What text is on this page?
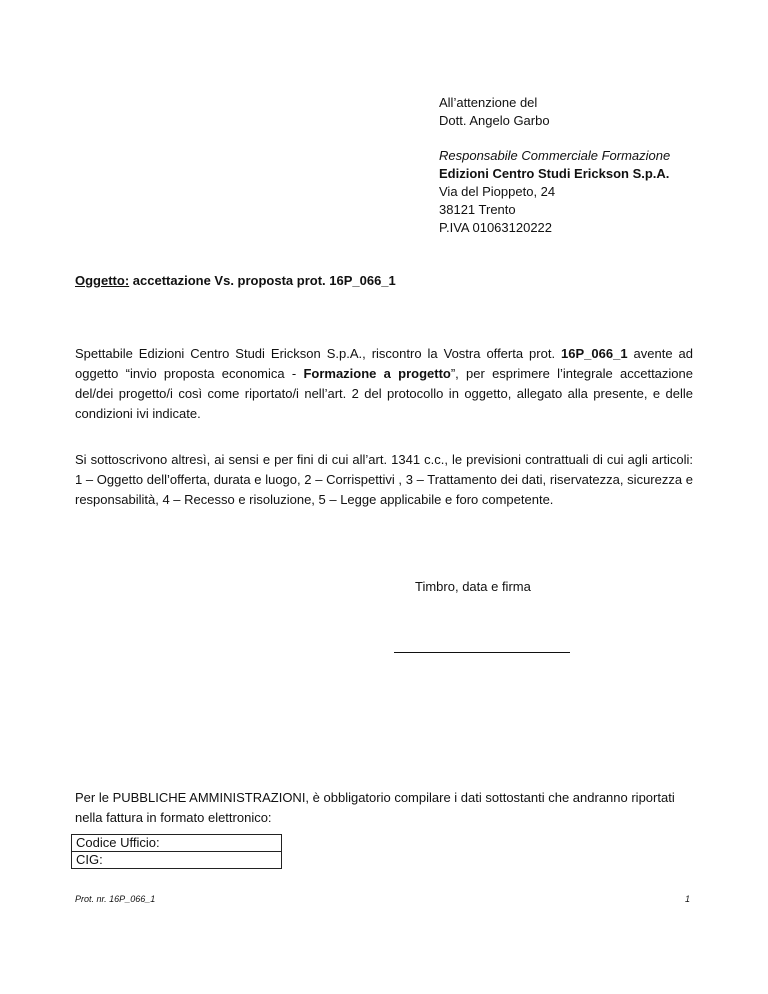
All’attenzione del
Dott. Angelo Garbo
Responsabile Commerciale Formazione
Edizioni Centro Studi Erickson S.p.A.
Via del Pioppeto, 24
38121 Trento
P.IVA 01063120222
Oggetto: accettazione Vs. proposta prot. 16P_066_1
Spettabile Edizioni Centro Studi Erickson S.p.A., riscontro la Vostra offerta prot. 16P_066_1 avente ad oggetto “invio proposta economica - Formazione a progetto”, per esprimere l’integrale accettazione del/dei progetto/i così come riportato/i nell’art. 2 del protocollo in oggetto, allegato alla presente, e delle condizioni ivi indicate.
Si sottoscrivono altresì, ai sensi e per fini di cui all’art. 1341 c.c., le previsioni contrattuali di cui agli articoli: 1 – Oggetto dell’offerta, durata e luogo, 2 – Corrispettivi , 3 – Trattamento dei dati, riservatezza, sicurezza e responsabilità, 4 – Recesso e risoluzione, 5 – Legge applicabile e foro competente.
Timbro, data e firma
Per le PUBBLICHE AMMINISTRAZIONI, è obbligatorio compilare i dati sottostanti che andranno riportati nella fattura in formato elettronico:
Codice Ufficio:
CIG:
Prot. nr. 16P_066_1	1
